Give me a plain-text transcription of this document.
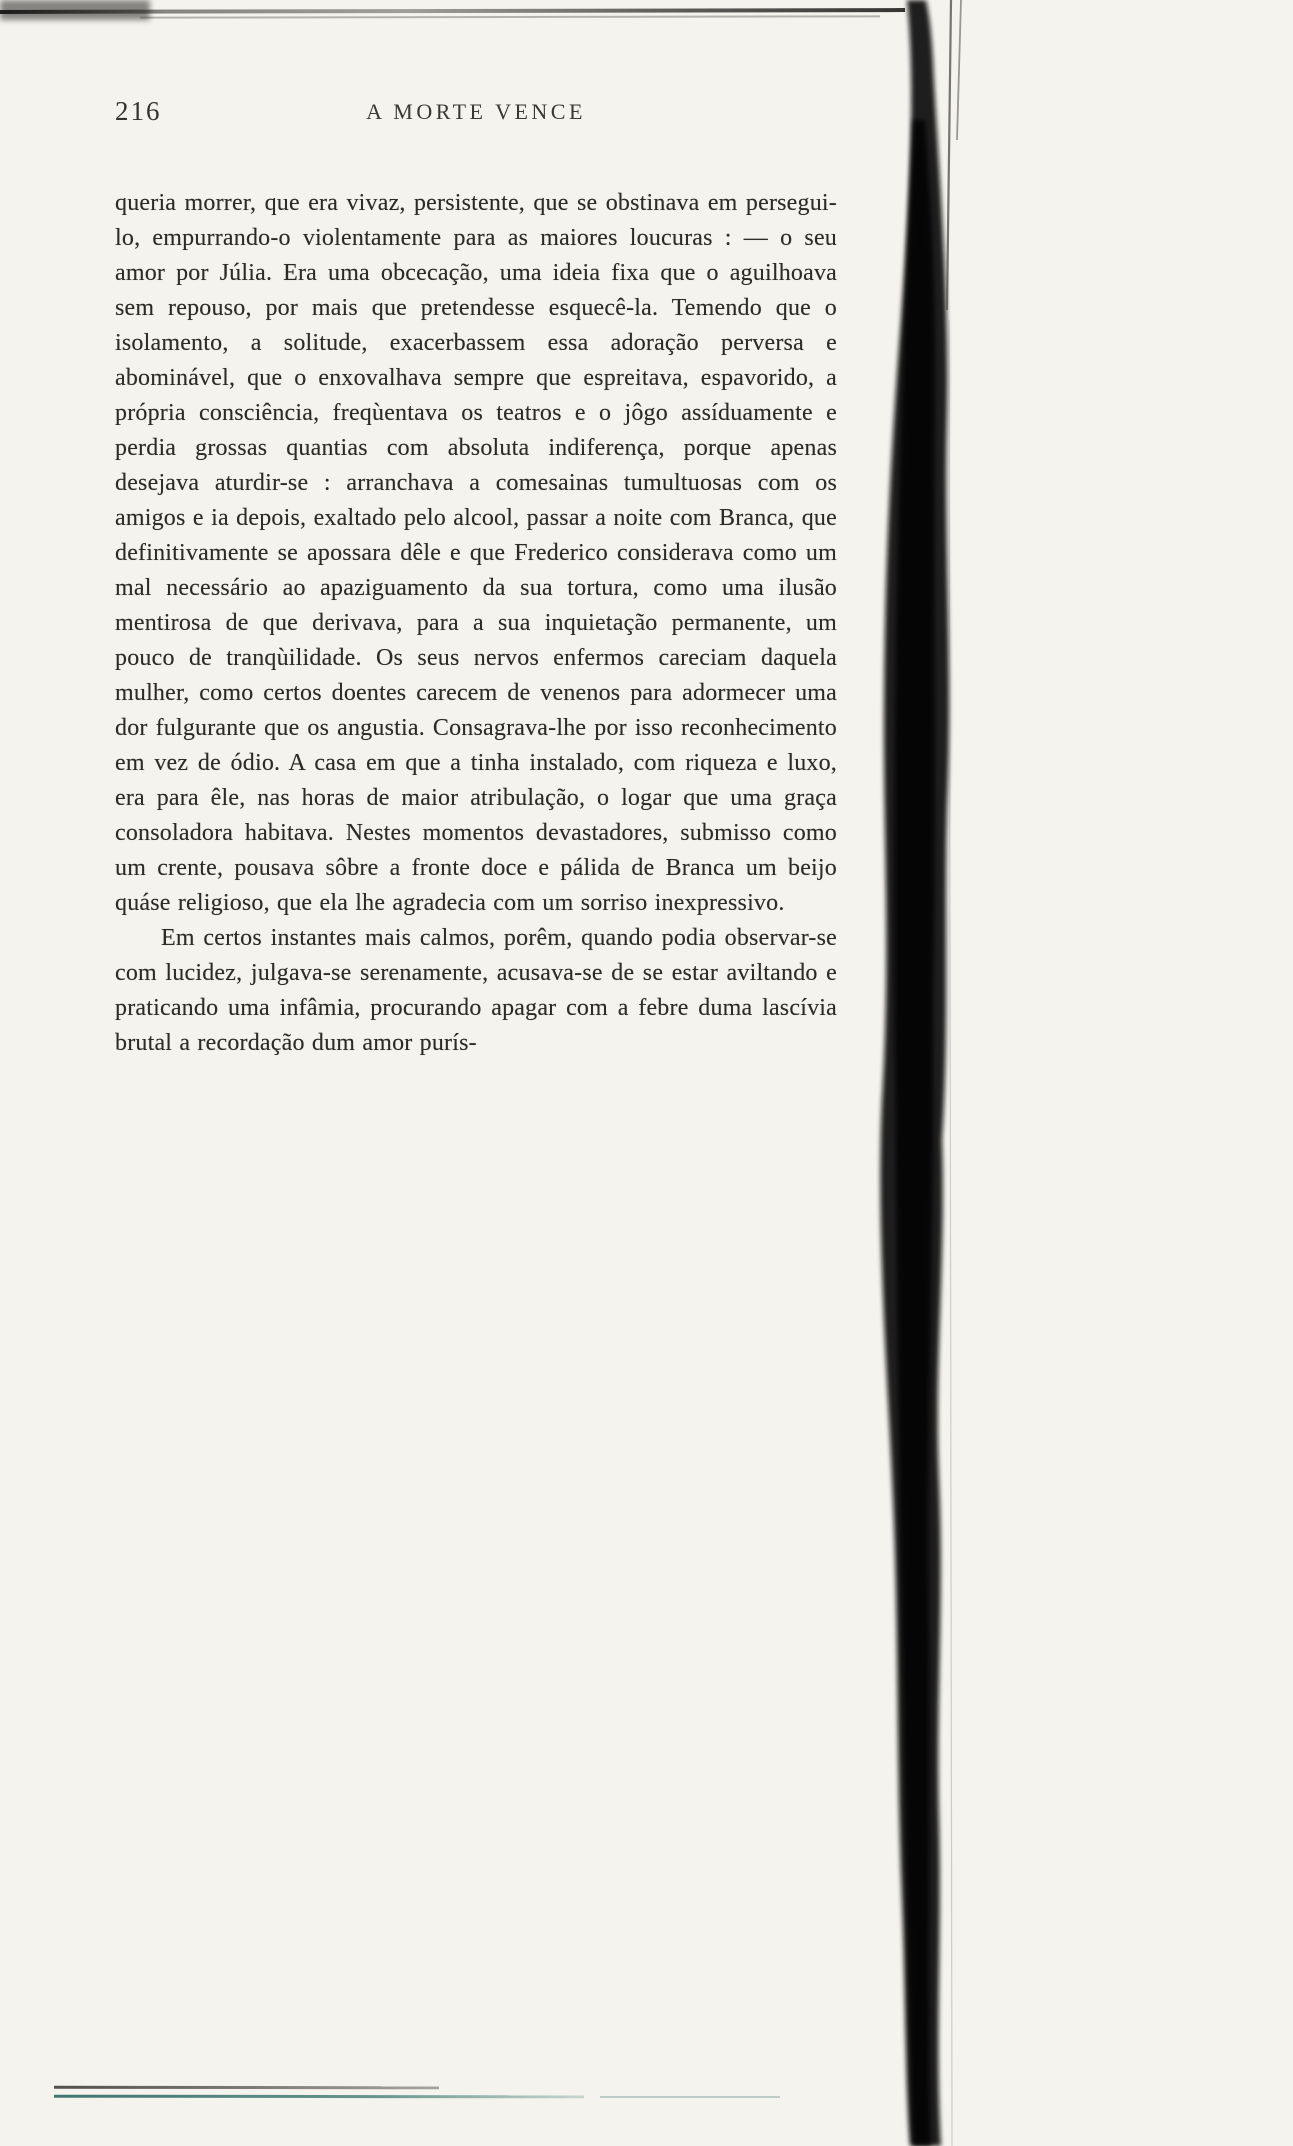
216	A MORTE VENCE

queria morrer, que era vivaz, persistente, que se obstinava em persegui-lo, empurrando-o violentamente para as maiores loucuras : — o seu amor por Júlia. Era uma obcecação, uma ideia fixa que o aguilhoava sem repouso, por mais que pretendesse esquecê-la. Temendo que o isolamento, a solitude, exacerbassem essa adoração perversa e abominável, que o enxovalhava sempre que espreitava, espavorido, a própria consciência, freqùentava os teatros e o jôgo assíduamente e perdia grossas quantias com absoluta indiferença, porque apenas desejava aturdir-se : arranchava a comesainas tumultuosas com os amigos e ia depois, exaltado pelo alcool, passar a noite com Branca, que definitivamente se apossara dêle e que Frederico considerava como um mal necessário ao apaziguamento da sua tortura, como uma ilusão mentirosa de que derivava, para a sua inquietação permanente, um pouco de tranqùilidade. Os seus nervos enfermos careciam daquela mulher, como certos doentes carecem de venenos para adormecer uma dor fulgurante que os angustia. Consagrava-lhe por isso reconhecimento em vez de ódio. A casa em que a tinha instalado, com riqueza e luxo, era para êle, nas horas de maior atribulação, o logar que uma graça consoladora habitava. Nestes momentos devastadores, submisso como um crente, pousava sôbre a fronte doce e pálida de Branca um beijo quáse religioso, que ela lhe agradecia com um sorriso inexpressivo.

Em certos instantes mais calmos, porêm, quando podia observar-se com lucidez, julgava-se serenamente, acusava-se de se estar aviltando e praticando uma infâmia, procurando apagar com a febre duma lascívia brutal a recordação dum amor purís-
